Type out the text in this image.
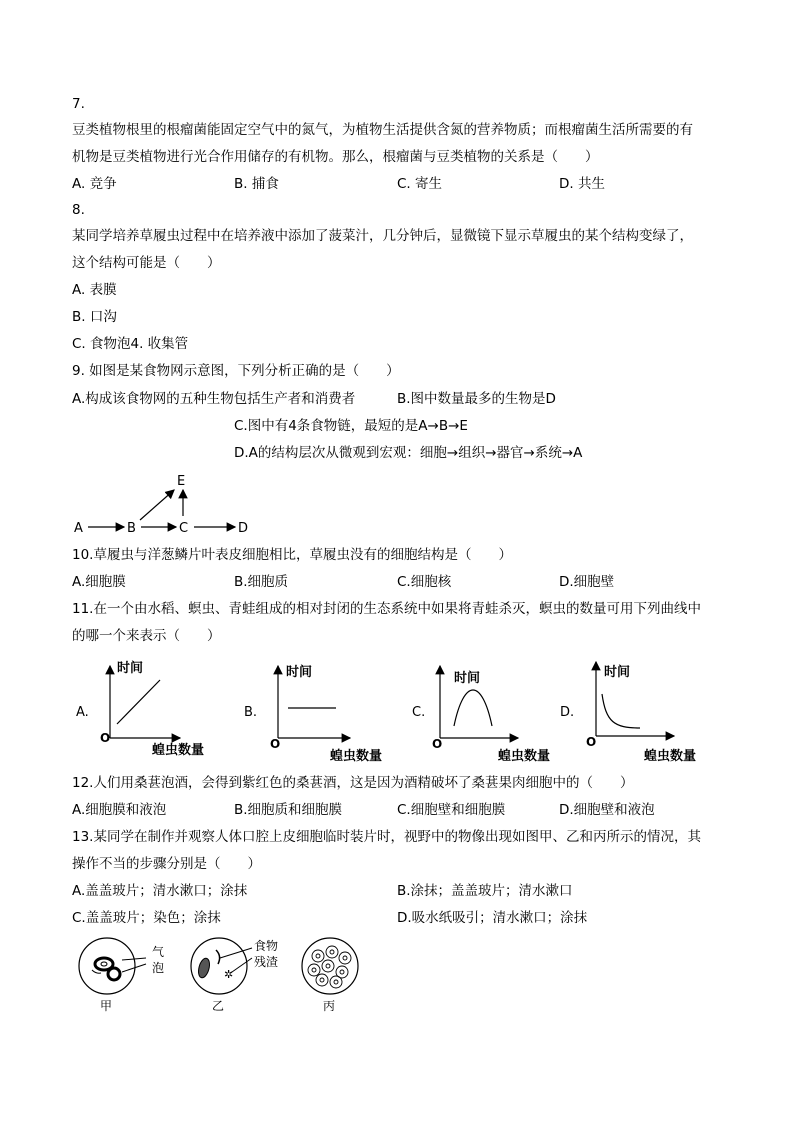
7.
豆类植物根里的根瘤菌能固定空气中的氮气，为植物生活提供含氮的营养物质；而根瘤菌生活所需要的有
机物是豆类植物进行光合作用储存的有机物。那么，根瘤菌与豆类植物的关系是（　　）
A. 竞争	B. 捕食	C. 寄生	D. 共生
8.
某同学培养草履虫过程中在培养液中添加了菠菜汁，几分钟后，显微镜下显示草履虫的某个结构变绿了，
这个结构可能是（　　）
A. 表膜
B. 口沟
C. 食物泡4. 收集管
9. 如图是某食物网示意图，下列分析正确的是（　　）
A.构成该食物网的五种生物包括生产者和消费者	B.图中数量最多的生物是D
C.图中有4条食物链，最短的是A→B→E
D.A的结构层次从微观到宏观：细胞→组织→器官→系统→A
A	B	C	D
E
10.草履虫与洋葱鳞片叶表皮细胞相比，草履虫没有的细胞结构是（　　）
A.细胞膜	B.细胞质	C.细胞核	D.细胞壁
11.在一个由水稻、螟虫、青蛙组成的相对封闭的生态系统中如果将青蛙杀灭，螟虫的数量可用下列曲线中
的哪一个来表示（　　）
A.
时间
O
蝗虫数量
B.
时间
O
蝗虫数量
C.
时间
O
蝗虫数量
D.
时间
O
蝗虫数量
12.人们用桑葚泡酒，会得到紫红色的桑葚酒，这是因为酒精破坏了桑葚果肉细胞中的（　　）
A.细胞膜和液泡	B.细胞质和细胞膜	C.细胞壁和细胞膜	D.细胞壁和液泡
13.某同学在制作并观察人体口腔上皮细胞临时装片时，视野中的物像出现如图甲、乙和丙所示的情况，其
操作不当的步骤分别是（　　）
A.盖盖玻片；清水漱口；涂抹	B.涂抹；盖盖玻片；清水漱口
C.盖盖玻片；染色；涂抹	D.吸水纸吸引；清水漱口；涂抹
气
泡
甲
✲
食物
残渣
乙	丙
